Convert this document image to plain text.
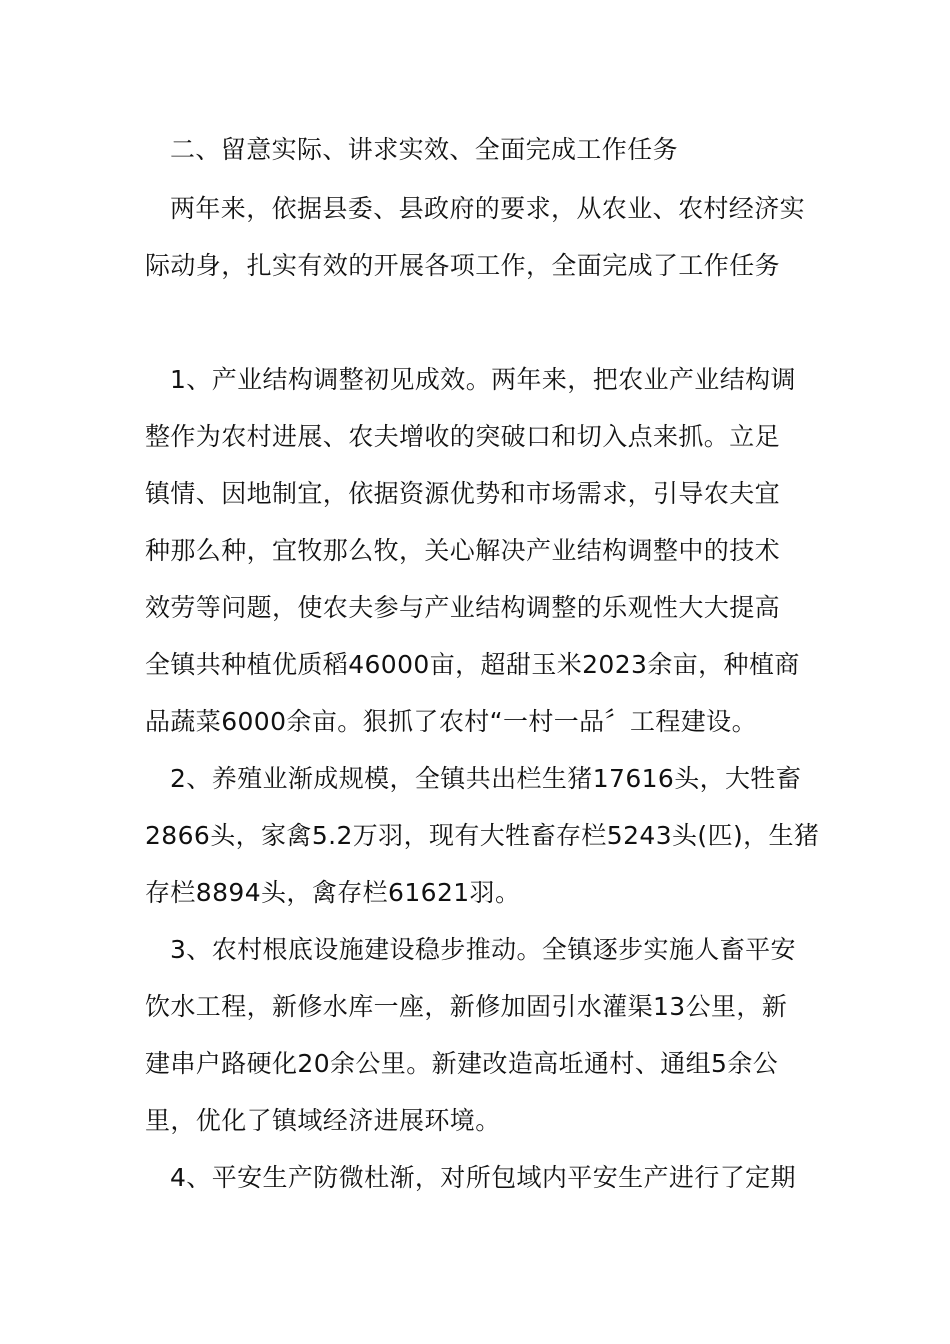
二、留意实际、讲求实效、全面完成工作任务
两年来，依据县委、县政府的要求，从农业、农村经济实
际动身，扎实有效的开展各项工作，全面完成了工作任务
1、产业结构调整初见成效。两年来，把农业产业结构调
整作为农村进展、农夫增收的突破口和切入点来抓。立足
镇情、因地制宜，依据资源优势和市场需求，引导农夫宜
种那么种，宜牧那么牧，关心解决产业结构调整中的技术
效劳等问题，使农夫参与产业结构调整的乐观性大大提高
全镇共种植优质稻46000亩，超甜玉米2023余亩，种植商
品蔬菜6000余亩。狠抓了农村“一村一品〞工程建设。
2、养殖业渐成规模，全镇共出栏生猪17616头，大牲畜
2866头，家禽5.2万羽，现有大牲畜存栏5243头(匹)，生猪
存栏8894头，禽存栏61621羽。
3、农村根底设施建设稳步推动。全镇逐步实施人畜平安
饮水工程，新修水库一座，新修加固引水灌渠13公里，新
建串户路硬化20余公里。新建改造高坵通村、通组5余公
里，优化了镇域经济进展环境。
4、平安生产防微杜渐，对所包域内平安生产进行了定期
